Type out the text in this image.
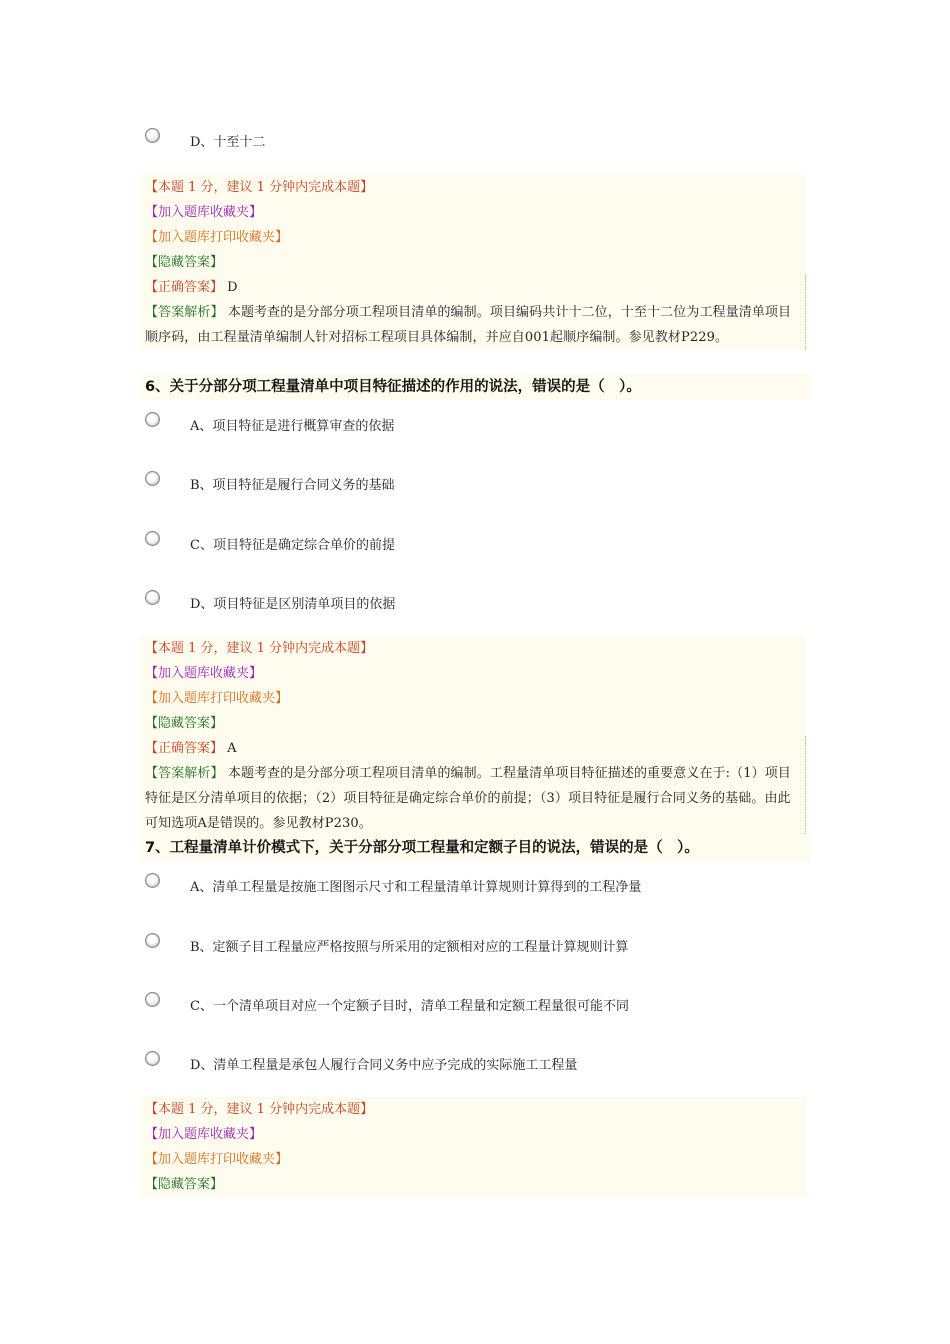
D、十至十二
【本题 1 分，建议 1 分钟内完成本题】
【加入题库收藏夹】
【加入题库打印收藏夹】
【隐藏答案】
【正确答案】 D
【答案解析】 本题考查的是分部分项工程项目清单的编制。项目编码共计十二位，十至十二位为工程量清单项目顺序码，由工程量清单编制人针对招标工程项目具体编制，并应自001起顺序编制。参见教材P229。
6、关于分部分项工程量清单中项目特征描述的作用的说法，错误的是（　）。
A、项目特征是进行概算审查的依据
B、项目特征是履行合同义务的基础
C、项目特征是确定综合单价的前提
D、项目特征是区别清单项目的依据
【本题 1 分，建议 1 分钟内完成本题】
【加入题库收藏夹】
【加入题库打印收藏夹】
【隐藏答案】
【正确答案】 A
【答案解析】 本题考查的是分部分项工程项目清单的编制。工程量清单项目特征描述的重要意义在于:（1）项目特征是区分清单项目的依据；（2）项目特征是确定综合单价的前提；（3）项目特征是履行合同义务的基础。由此可知选项A是错误的。参见教材P230。
7、工程量清单计价模式下，关于分部分项工程量和定额子目的说法，错误的是（　）。
A、清单工程量是按施工图图示尺寸和工程量清单计算规则计算得到的工程净量
B、定额子目工程量应严格按照与所采用的定额相对应的工程量计算规则计算
C、一个清单项目对应一个定额子目时，清单工程量和定额工程量很可能不同
D、清单工程量是承包人履行合同义务中应予完成的实际施工工程量
【本题 1 分，建议 1 分钟内完成本题】
【加入题库收藏夹】
【加入题库打印收藏夹】
【隐藏答案】
